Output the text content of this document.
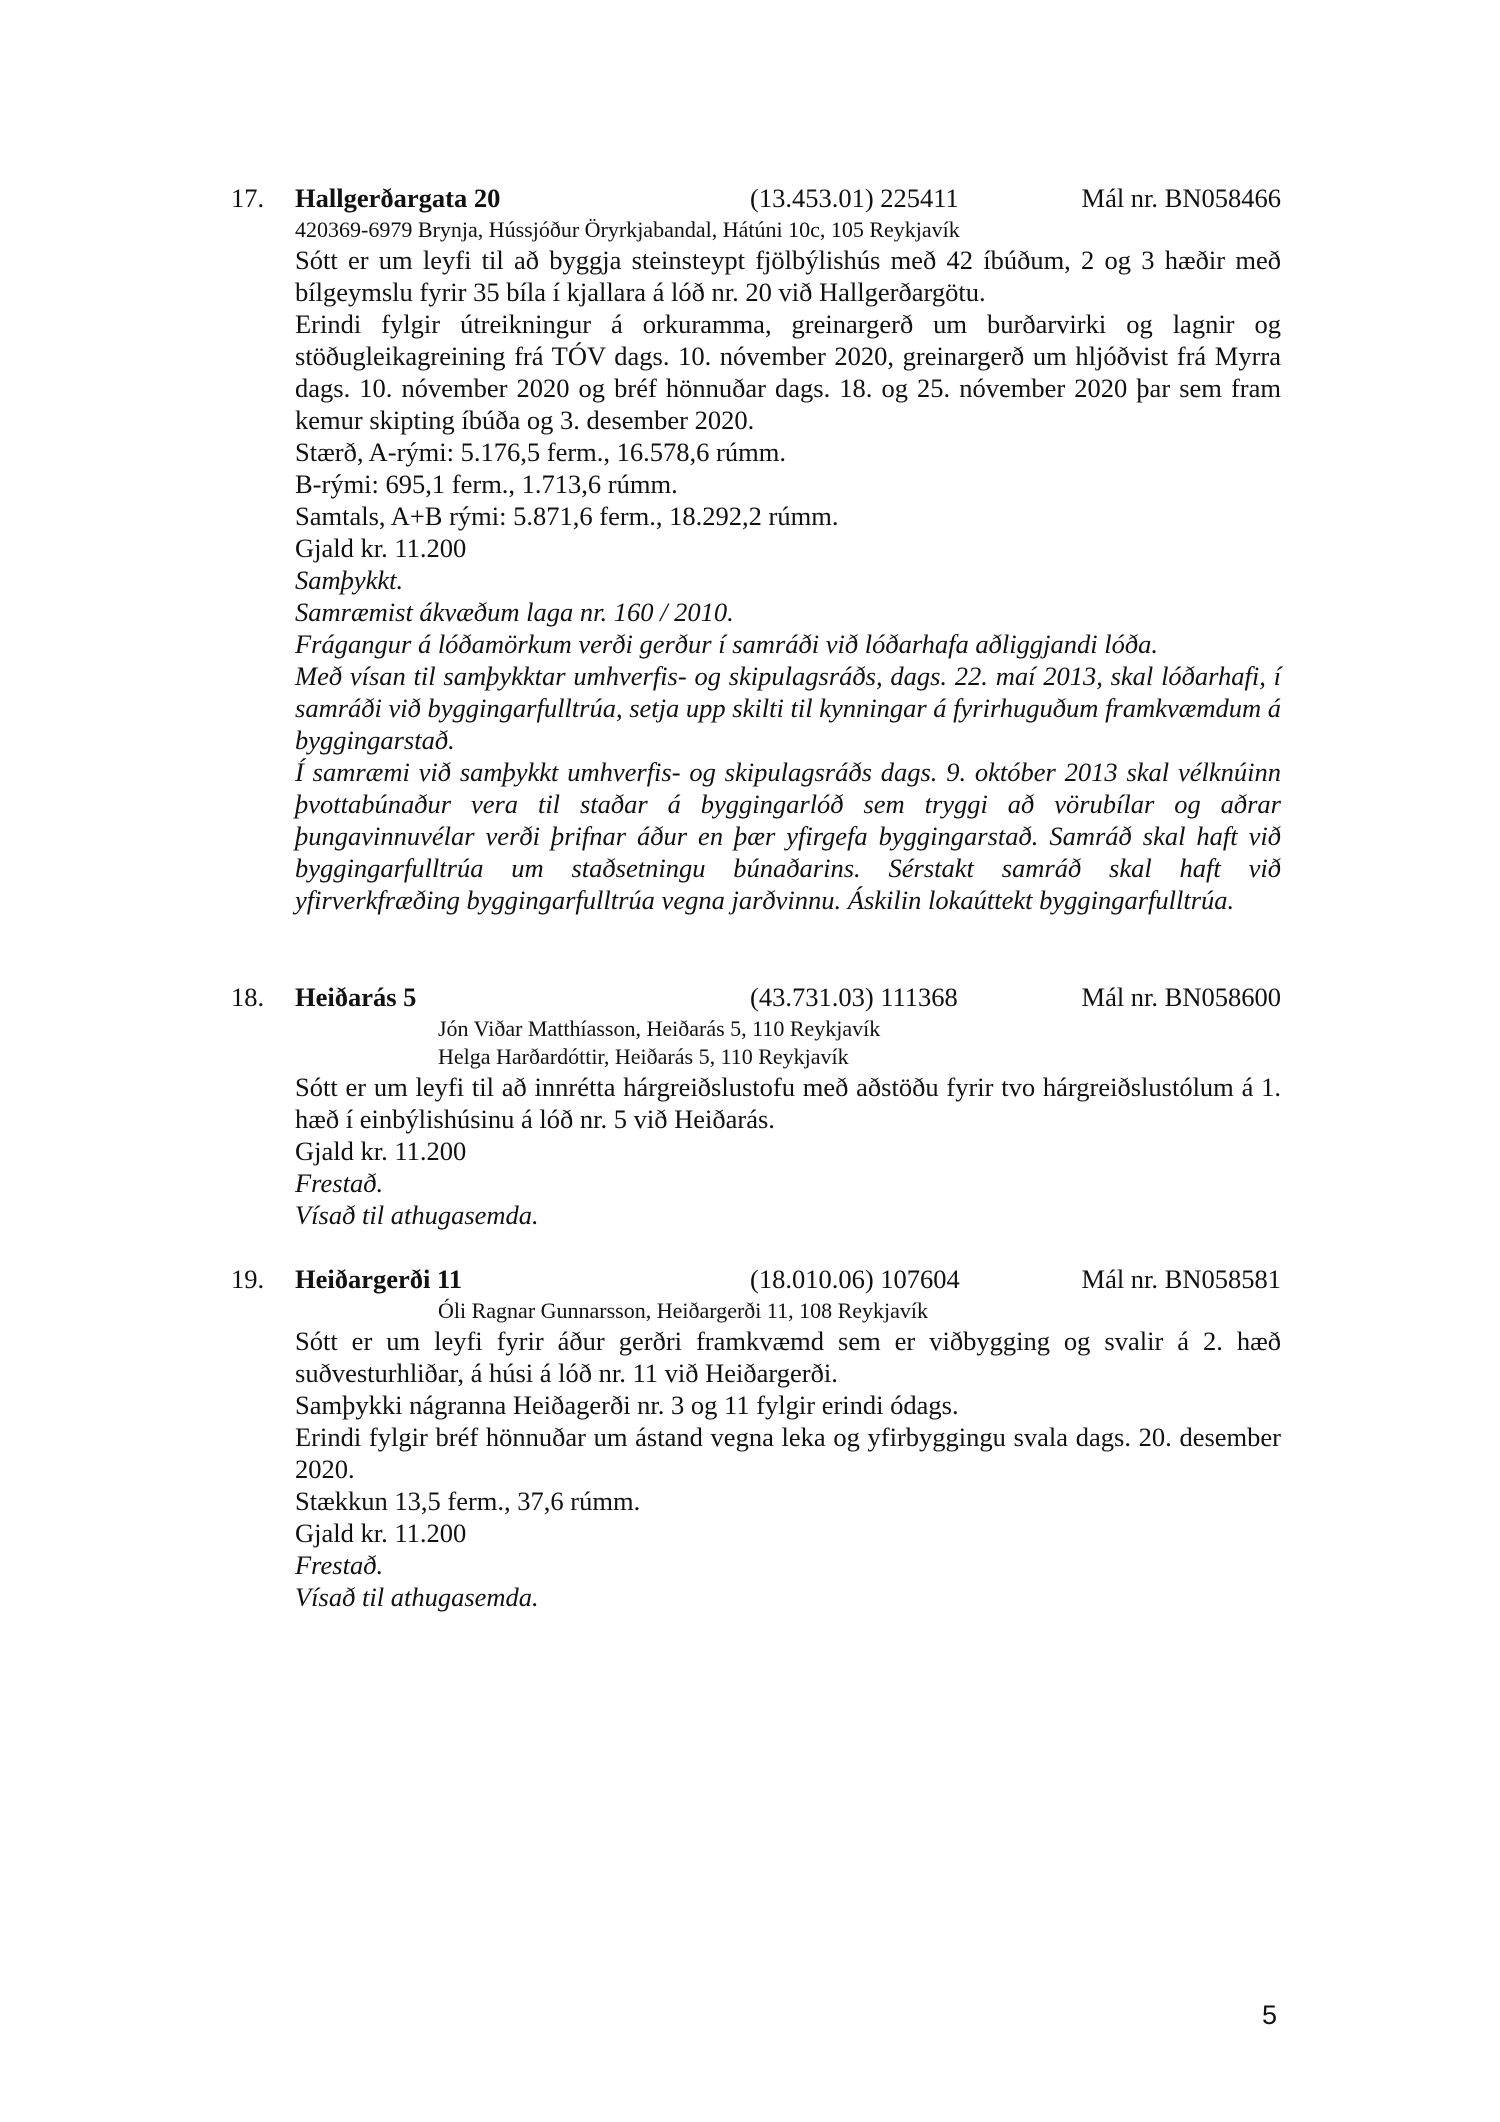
17. Hallgerðargata 20	(13.453.01) 225411	Mál nr. BN058466
420369-6979 Brynja, Hússjóður Öryrkjabandal, Hátúni 10c, 105 Reykjavík

Sótt er um leyfi til að byggja steinsteypt fjölbýlishús með 42 íbúðum, 2 og 3 hæðir með bílgeymslu fyrir 35 bíla í kjallara á lóð nr. 20 við Hallgerðargötu.

Erindi fylgir útreikningur á orkuramma, greinargerð um burðarvirki og lagnir og stöðugleikagreining frá TÓV dags. 10. nóvember 2020, greinargerð um hljóðvist frá Myrra dags. 10. nóvember 2020 og bréf hönnuðar dags. 18. og 25. nóvember 2020 þar sem fram kemur skipting íbúða og 3. desember 2020.

Stærð, A-rými: 5.176,5 ferm., 16.578,6 rúmm.

B-rými: 695,1 ferm., 1.713,6 rúmm.

Samtals, A+B rými: 5.871,6 ferm., 18.292,2 rúmm.

Gjald kr. 11.200

Samþykkt.

Samræmist ákvæðum laga nr. 160 / 2010.

Frágangur á lóðamörkum verði gerður í samráði við lóðarhafa aðliggjandi lóða.

Með vísan til samþykktar umhverfis- og skipulagsráðs, dags. 22. maí 2013, skal lóðarhafi, í samráði við byggingarfulltrúa, setja upp skilti til kynningar á fyrirhuguðum framkvæmdum á byggingarstað.

Í samræmi við samþykkt umhverfis- og skipulagsráðs dags. 9. október 2013 skal vélknúinn þvottabúnaður vera til staðar á byggingarlóð sem tryggi að vörubílar og aðrar þungavinnuvélar verði þrifnar áður en þær yfirgefa byggingarstað. Samráð skal haft við byggingarfulltrúa um staðsetningu búnaðarins. Sérstakt samráð skal haft við yfirverkfræðing byggingarfulltrúa vegna jarðvinnu. Áskilin lokaúttekt byggingarfulltrúa.

18. Heiðarás 5	(43.731.03) 111368	Mál nr. BN058600
Jón Viðar Matthíasson, Heiðarás 5, 110 Reykjavík
Helga Harðardóttir, Heiðarás 5, 110 Reykjavík

Sótt er um leyfi til að innrétta hárgreiðslustofu með aðstöðu fyrir tvo hárgreiðslustólum á 1. hæð í einbýlishúsinu á lóð nr. 5 við Heiðarás.

Gjald kr. 11.200

Frestað.

Vísað til athugasemda.

19. Heiðargerði 11	(18.010.06) 107604	Mál nr. BN058581
Óli Ragnar Gunnarsson, Heiðargerði 11, 108 Reykjavík

Sótt er um leyfi fyrir áður gerðri framkvæmd sem er viðbygging og svalir á 2. hæð suðvesturhliðar, á húsi á lóð nr. 11 við Heiðargerði.

Samþykki nágranna Heiðagerði nr. 3 og 11 fylgir erindi ódags.

Erindi fylgir bréf hönnuðar um ástand vegna leka og yfirbyggingu svala dags. 20. desember 2020.

Stækkun 13,5 ferm., 37,6 rúmm.

Gjald kr. 11.200

Frestað.

Vísað til athugasemda.

5
